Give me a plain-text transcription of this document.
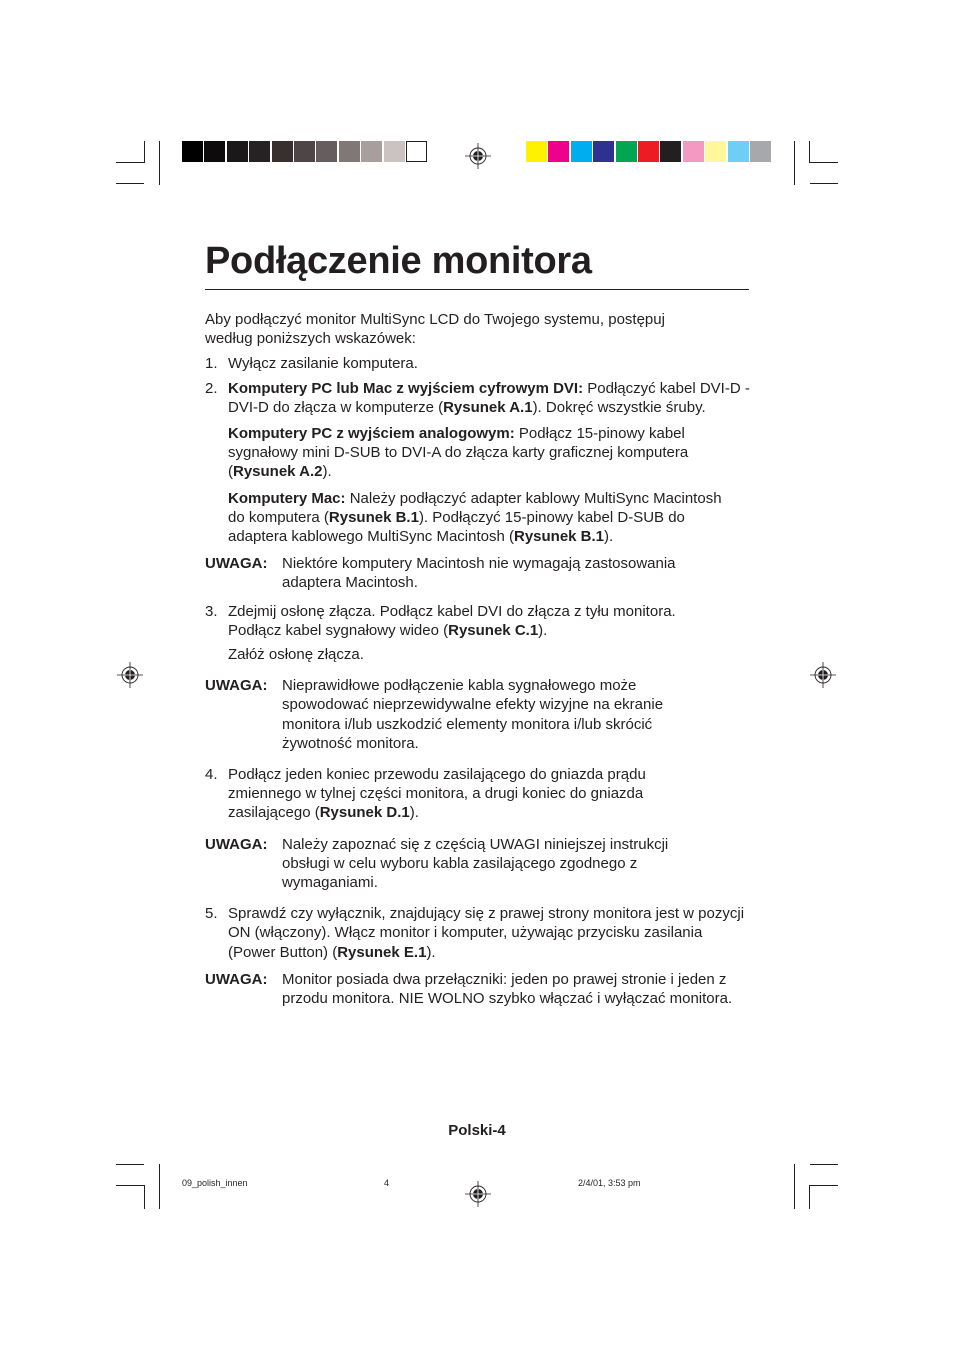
Podłączenie monitora

Aby podłączyć monitor MultiSync LCD do Twojego systemu, postępuj według poniższych wskazówek:

1. Wyłącz zasilanie komputera.
2. Komputery PC lub Mac z wyjściem cyfrowym DVI: Podłączyć kabel DVI-D - DVI-D do złącza w komputerze (Rysunek A.1). Dokręć wszystkie śruby.
Komputery PC z wyjściem analogowym: Podłącz 15-pinowy kabel sygnałowy mini D-SUB to DVI-A do złącza karty graficznej komputera (Rysunek A.2).
Komputery Mac: Należy podłączyć adapter kablowy MultiSync Macintosh do komputera (Rysunek B.1). Podłączyć 15-pinowy kabel D-SUB do adaptera kablowego MultiSync Macintosh (Rysunek B.1).
UWAGA: Niektóre komputery Macintosh nie wymagają zastosowania adaptera Macintosh.
3. Zdejmij osłonę złącza. Podłącz kabel DVI do złącza z tyłu monitora. Podłącz kabel sygnałowy wideo (Rysunek C.1).
Załóż osłonę złącza.
UWAGA: Nieprawidłowe podłączenie kabla sygnałowego może spowodować nieprzewidywalne efekty wizyjne na ekranie monitora i/lub uszkodzić elementy monitora i/lub skrócić żywotność monitora.
4. Podłącz jeden koniec przewodu zasilającego do gniazda prądu zmiennego w tylnej części monitora, a drugi koniec do gniazda zasilającego (Rysunek D.1).
UWAGA: Należy zapoznać się z częścią UWAGI niniejszej instrukcji obsługi w celu wyboru kabla zasilającego zgodnego z wymaganiami.
5. Sprawdź czy wyłącznik, znajdujący się z prawej strony monitora jest w pozycji ON (włączony). Włącz monitor i komputer, używając przycisku zasilania (Power Button) (Rysunek E.1).
UWAGA: Monitor posiada dwa przełączniki: jeden po prawej stronie i jeden z przodu monitora. NIE WOLNO szybko włączać i wyłączać monitora.
Polski-4
09_polish_innen	4	2/4/01, 3:53 pm
